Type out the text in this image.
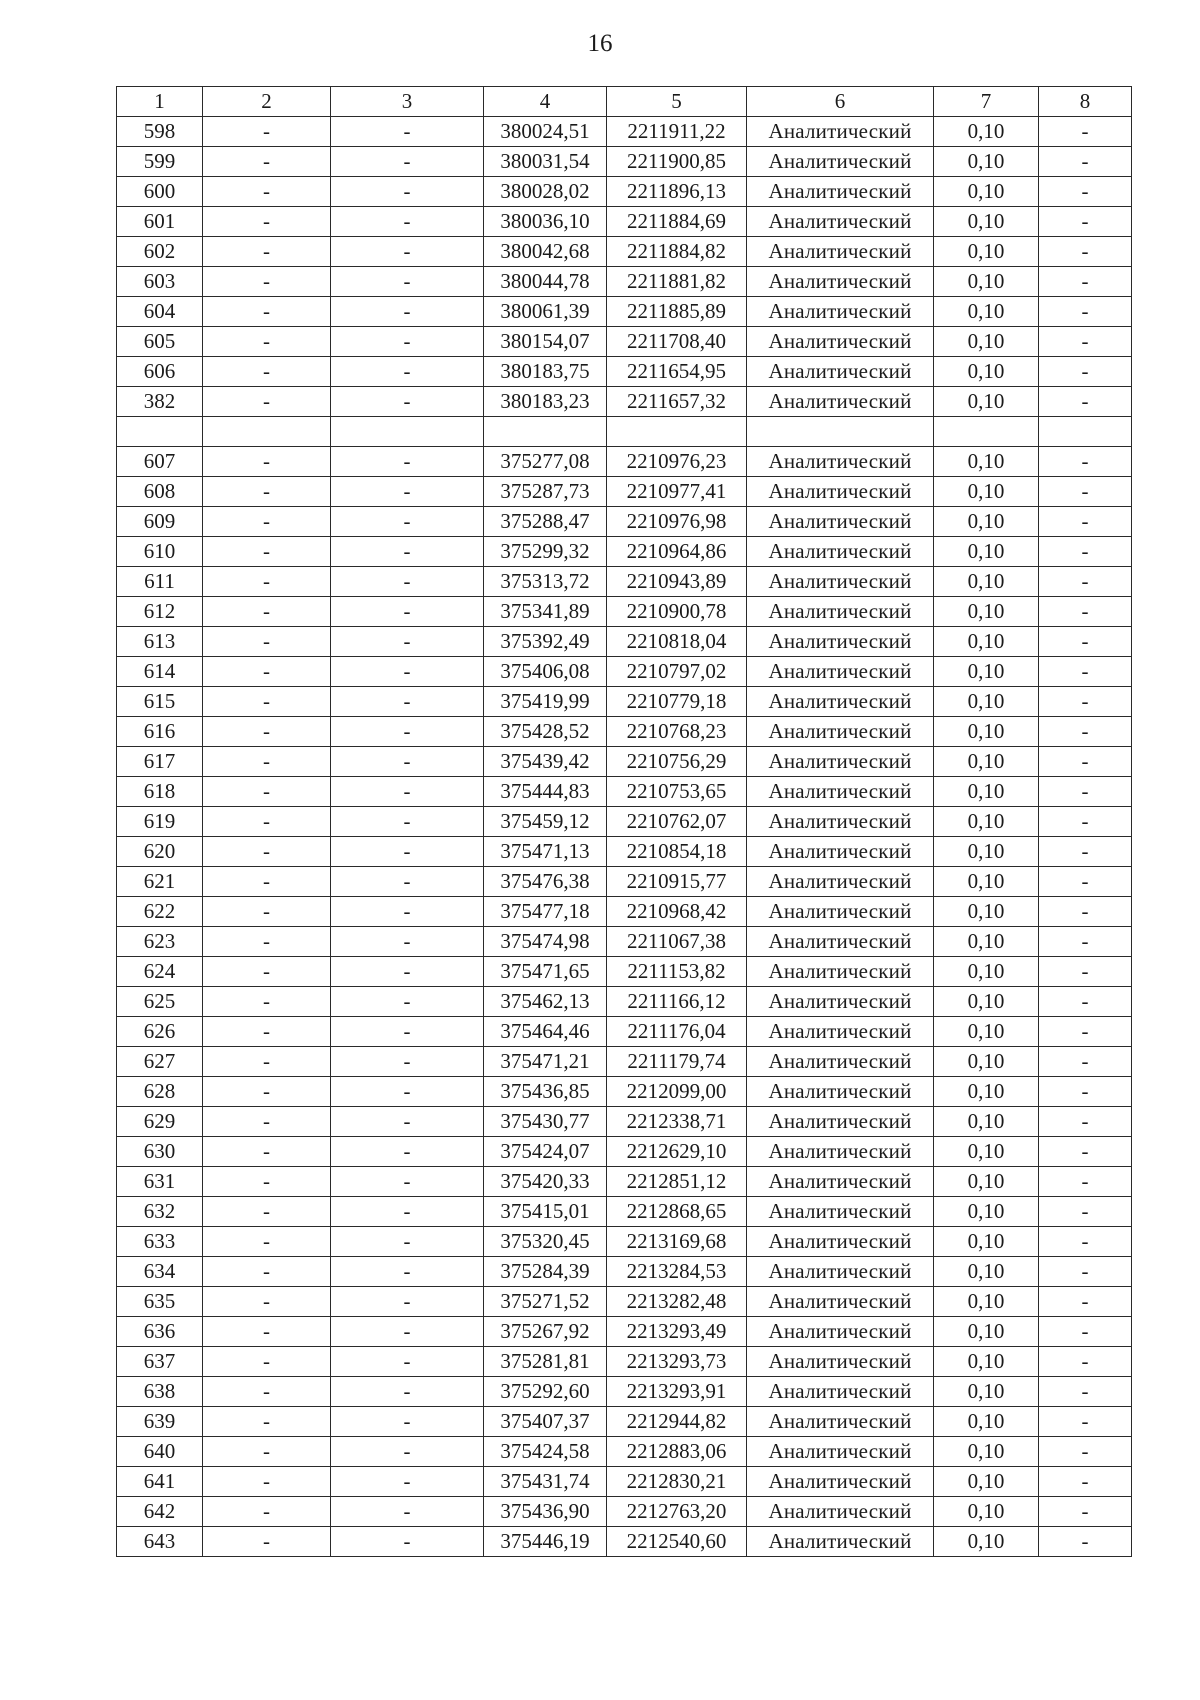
16
1	2	3	4	5	6	7	8
598	-	-	380024,51	2211911,22	Аналитический	0,10	-
599	-	-	380031,54	2211900,85	Аналитический	0,10	-
600	-	-	380028,02	2211896,13	Аналитический	0,10	-
601	-	-	380036,10	2211884,69	Аналитический	0,10	-
602	-	-	380042,68	2211884,82	Аналитический	0,10	-
603	-	-	380044,78	2211881,82	Аналитический	0,10	-
604	-	-	380061,39	2211885,89	Аналитический	0,10	-
605	-	-	380154,07	2211708,40	Аналитический	0,10	-
606	-	-	380183,75	2211654,95	Аналитический	0,10	-
382	-	-	380183,23	2211657,32	Аналитический	0,10	-

607	-	-	375277,08	2210976,23	Аналитический	0,10	-
608	-	-	375287,73	2210977,41	Аналитический	0,10	-
609	-	-	375288,47	2210976,98	Аналитический	0,10	-
610	-	-	375299,32	2210964,86	Аналитический	0,10	-
611	-	-	375313,72	2210943,89	Аналитический	0,10	-
612	-	-	375341,89	2210900,78	Аналитический	0,10	-
613	-	-	375392,49	2210818,04	Аналитический	0,10	-
614	-	-	375406,08	2210797,02	Аналитический	0,10	-
615	-	-	375419,99	2210779,18	Аналитический	0,10	-
616	-	-	375428,52	2210768,23	Аналитический	0,10	-
617	-	-	375439,42	2210756,29	Аналитический	0,10	-
618	-	-	375444,83	2210753,65	Аналитический	0,10	-
619	-	-	375459,12	2210762,07	Аналитический	0,10	-
620	-	-	375471,13	2210854,18	Аналитический	0,10	-
621	-	-	375476,38	2210915,77	Аналитический	0,10	-
622	-	-	375477,18	2210968,42	Аналитический	0,10	-
623	-	-	375474,98	2211067,38	Аналитический	0,10	-
624	-	-	375471,65	2211153,82	Аналитический	0,10	-
625	-	-	375462,13	2211166,12	Аналитический	0,10	-
626	-	-	375464,46	2211176,04	Аналитический	0,10	-
627	-	-	375471,21	2211179,74	Аналитический	0,10	-
628	-	-	375436,85	2212099,00	Аналитический	0,10	-
629	-	-	375430,77	2212338,71	Аналитический	0,10	-
630	-	-	375424,07	2212629,10	Аналитический	0,10	-
631	-	-	375420,33	2212851,12	Аналитический	0,10	-
632	-	-	375415,01	2212868,65	Аналитический	0,10	-
633	-	-	375320,45	2213169,68	Аналитический	0,10	-
634	-	-	375284,39	2213284,53	Аналитический	0,10	-
635	-	-	375271,52	2213282,48	Аналитический	0,10	-
636	-	-	375267,92	2213293,49	Аналитический	0,10	-
637	-	-	375281,81	2213293,73	Аналитический	0,10	-
638	-	-	375292,60	2213293,91	Аналитический	0,10	-
639	-	-	375407,37	2212944,82	Аналитический	0,10	-
640	-	-	375424,58	2212883,06	Аналитический	0,10	-
641	-	-	375431,74	2212830,21	Аналитический	0,10	-
642	-	-	375436,90	2212763,20	Аналитический	0,10	-
643	-	-	375446,19	2212540,60	Аналитический	0,10	-
